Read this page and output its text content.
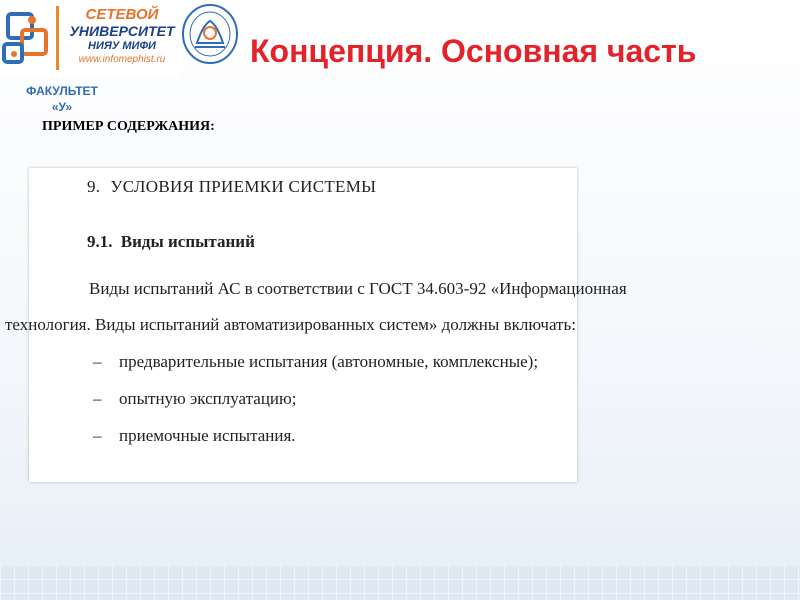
СЕТЕВОЙ
УНИВЕРСИТЕТ
НИЯУ МИФИ
www.infomephist.ru	Концепция. Основная часть
ФАКУЛЬТЕТ
«У»
ПРИМЕР СОДЕРЖАНИЯ:
9. УСЛОВИЯ ПРИЕМКИ СИСТЕМЫ
9.1. Виды испытаний

Виды испытаний АС в соответствии с ГОСТ 34.603-92 «Информационная
технология. Виды испытаний автоматизированных систем» должны включать:

– предварительные испытания (автономные, комплексные);
– опытную эксплуатацию;
– приемочные испытания.
